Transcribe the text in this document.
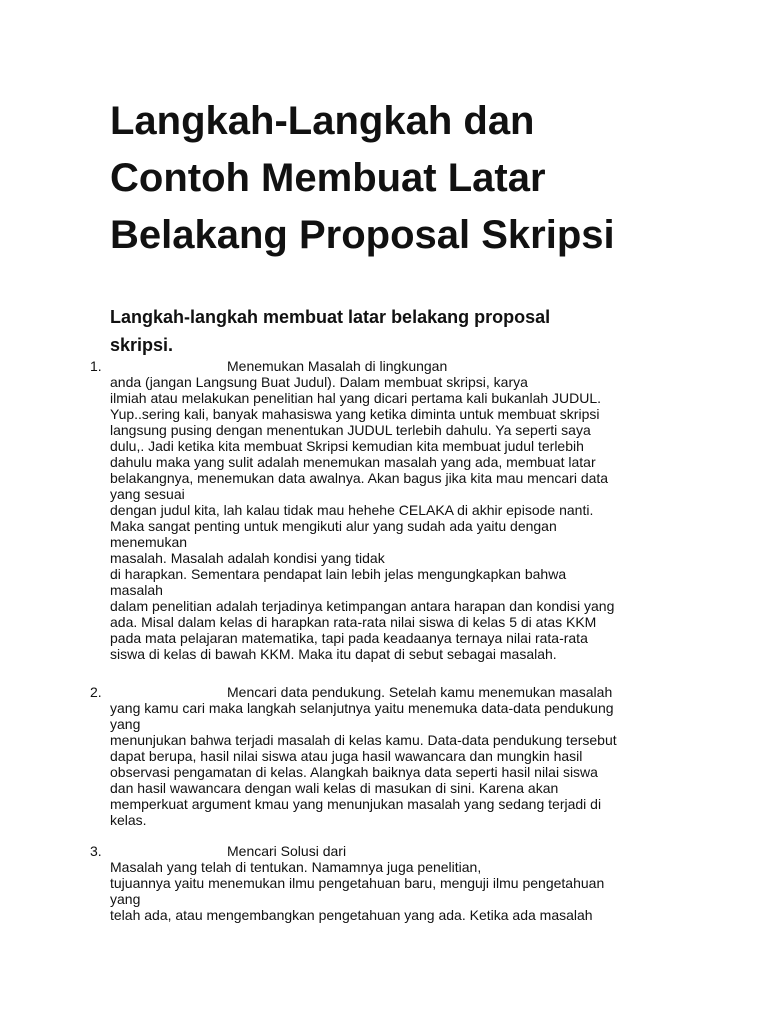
Langkah-Langkah dan
Contoh Membuat Latar
Belakang Proposal Skripsi
Langkah-langkah membuat latar belakang proposal
skripsi.
1.	Menemukan Masalah di lingkungan
anda (jangan Langsung Buat Judul). Dalam membuat skripsi, karya
ilmiah atau melakukan penelitian hal yang dicari pertama kali bukanlah JUDUL.
Yup..sering kali, banyak mahasiswa yang ketika diminta untuk membuat skripsi
langsung pusing dengan menentukan JUDUL terlebih dahulu. Ya seperti saya
dulu,. Jadi ketika kita membuat Skripsi kemudian kita membuat judul terlebih
dahulu maka yang sulit adalah menemukan masalah yang ada, membuat latar
belakangnya, menemukan data awalnya. Akan bagus jika kita mau mencari data
yang sesuai
dengan judul kita, lah kalau tidak mau hehehe CELAKA di akhir episode nanti.
Maka sangat penting untuk mengikuti alur yang sudah ada yaitu dengan
menemukan
masalah. Masalah adalah kondisi yang tidak
di harapkan. Sementara pendapat lain lebih jelas mengungkapkan bahwa
masalah
dalam penelitian adalah terjadinya ketimpangan antara harapan dan kondisi yang
ada. Misal dalam kelas di harapkan rata-rata nilai siswa di kelas 5 di atas KKM
pada mata pelajaran matematika, tapi pada keadaanya ternaya nilai rata-rata
siswa di kelas di bawah KKM. Maka itu dapat di sebut sebagai masalah.
2.	Mencari data pendukung. Setelah kamu menemukan masalah
yang kamu cari maka langkah selanjutnya yaitu menemuka data-data pendukung
yang
menunjukan bahwa terjadi masalah di kelas kamu. Data-data pendukung tersebut
dapat berupa, hasil nilai siswa atau juga hasil wawancara dan mungkin hasil
observasi pengamatan di kelas. Alangkah baiknya data seperti hasil nilai siswa
dan hasil wawancara dengan wali kelas di masukan di sini. Karena akan
memperkuat argument kmau yang menunjukan masalah yang sedang terjadi di
kelas.
3.	Mencari Solusi dari
Masalah yang telah di tentukan. Namamnya juga penelitian,
tujuannya yaitu menemukan ilmu pengetahuan baru, menguji ilmu pengetahuan
yang
telah ada, atau mengembangkan pengetahuan yang ada. Ketika ada masalah
